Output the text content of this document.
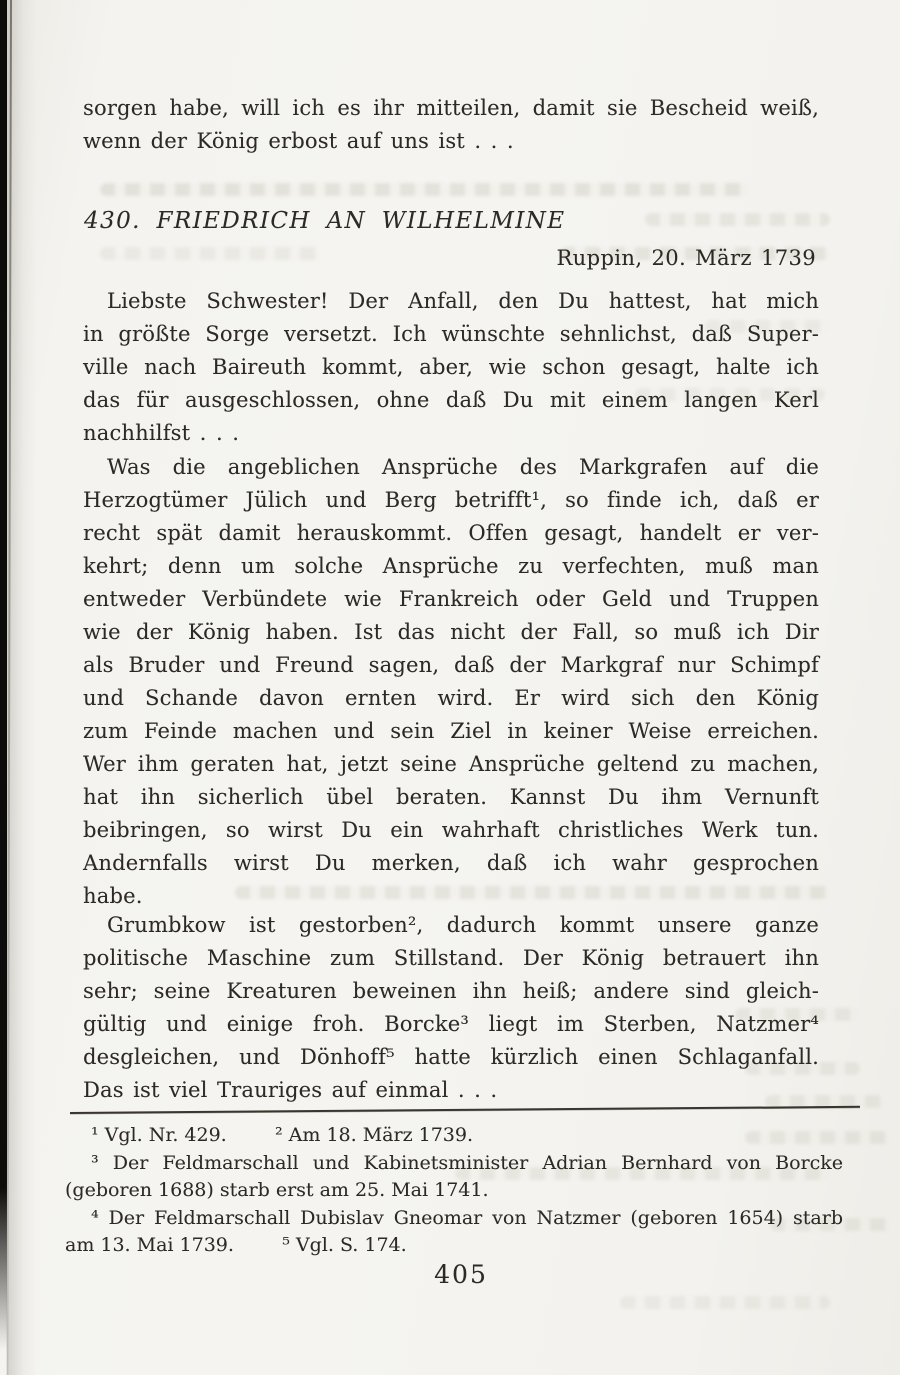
sorgen habe, will ich es ihr mitteilen, damit sie Bescheid weiß,
wenn der König erbost auf uns ist . . .
430. FRIEDRICH AN WILHELMINE
Ruppin, 20. März 1739
Liebste Schwester! Der Anfall, den Du hattest, hat mich
in größte Sorge versetzt. Ich wünschte sehnlichst, daß Super-
ville nach Baireuth kommt, aber, wie schon gesagt, halte ich
das für ausgeschlossen, ohne daß Du mit einem langen Kerl
nachhilfst . . .
Was die angeblichen Ansprüche des Markgrafen auf die
Herzogtümer Jülich und Berg betrifft¹, so finde ich, daß er
recht spät damit herauskommt. Offen gesagt, handelt er ver-
kehrt; denn um solche Ansprüche zu verfechten, muß man
entweder Verbündete wie Frankreich oder Geld und Truppen
wie der König haben. Ist das nicht der Fall, so muß ich Dir
als Bruder und Freund sagen, daß der Markgraf nur Schimpf
und Schande davon ernten wird. Er wird sich den König
zum Feinde machen und sein Ziel in keiner Weise erreichen.
Wer ihm geraten hat, jetzt seine Ansprüche geltend zu machen,
hat ihn sicherlich übel beraten. Kannst Du ihm Vernunft
beibringen, so wirst Du ein wahrhaft christliches Werk tun.
Andernfalls wirst Du merken, daß ich wahr gesprochen
habe.
Grumbkow ist gestorben², dadurch kommt unsere ganze
politische Maschine zum Stillstand. Der König betrauert ihn
sehr; seine Kreaturen beweinen ihn heiß; andere sind gleich-
gültig und einige froh. Borcke³ liegt im Sterben, Natzmer⁴
desgleichen, und Dönhoff⁵ hatte kürzlich einen Schlaganfall.
Das ist viel Trauriges auf einmal . . .
¹ Vgl. Nr. 429.        ² Am 18. März 1739.
³ Der Feldmarschall und Kabinetsminister Adrian Bernhard von Borcke
(geboren 1688) starb erst am 25. Mai 1741.
⁴ Der Feldmarschall Dubislav Gneomar von Natzmer (geboren 1654) starb
am 13. Mai 1739.        ⁵ Vgl. S. 174.
405
